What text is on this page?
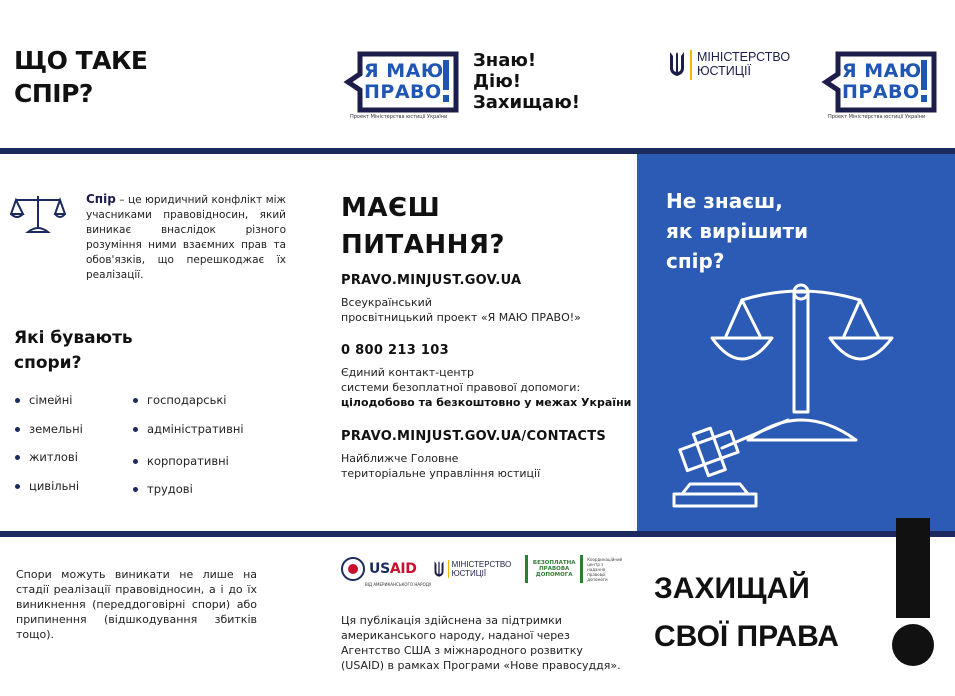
ЩО ТАКЕ
СПІР?
Я МАЮ
ПРАВО
Проект Міністерства юстиції України
Знаю!
Дію!
Захищаю!
МІНІСТЕРСТВО
ЮСТИЦІЇ	Я МАЮ
ПРАВО
Проект Міністерства юстиції України
Спір – це юридичний конфлікт між учасниками правовідносин, який виникає внаслідок різного розуміння ними взаємних прав та обов'язків, що перешкоджає їх реалізації.
Які бувають
спори?
сімейні
земельні
житлові
цивільні
господарські
адміністративні
корпоративні
трудові
МАЄШ
ПИТАННЯ?
PRAVO.MINJUST.GOV.UA
Всеукраїнський
просвітницький проект «Я МАЮ ПРАВО!»
0 800 213 103
Єдиний контакт-центр
системи безоплатної правової допомоги:
цілодобово та безкоштовно у межах України
PRAVO.MINJUST.GOV.UA/CONTACTS
Найближче Головне
територіальне управління юстиції
Не знаєш,
як вирішити
спір?
Спори можуть виникати не лише на стадії реалізації правовідносин, а і до їх виникнення (переддоговірні спори) або припинення (відшкодування збитків тощо).
USAID	МІНІСТЕРСТВО
ЮСТИЦІЇ
БЕЗОПЛАТНА ПРАВОВА ДОПОМОГА
Координаційний центр з надання правової допомоги
ВІД АМЕРИКАНСЬКОГО НАРОДУ
Ця публікація здійснена за підтримки американського народу, наданої через Агентство США з міжнародного розвитку (USAID) в рамках Програми «Нове правосуддя».
ЗАХИЩАЙ
СВОЇ ПРАВА
